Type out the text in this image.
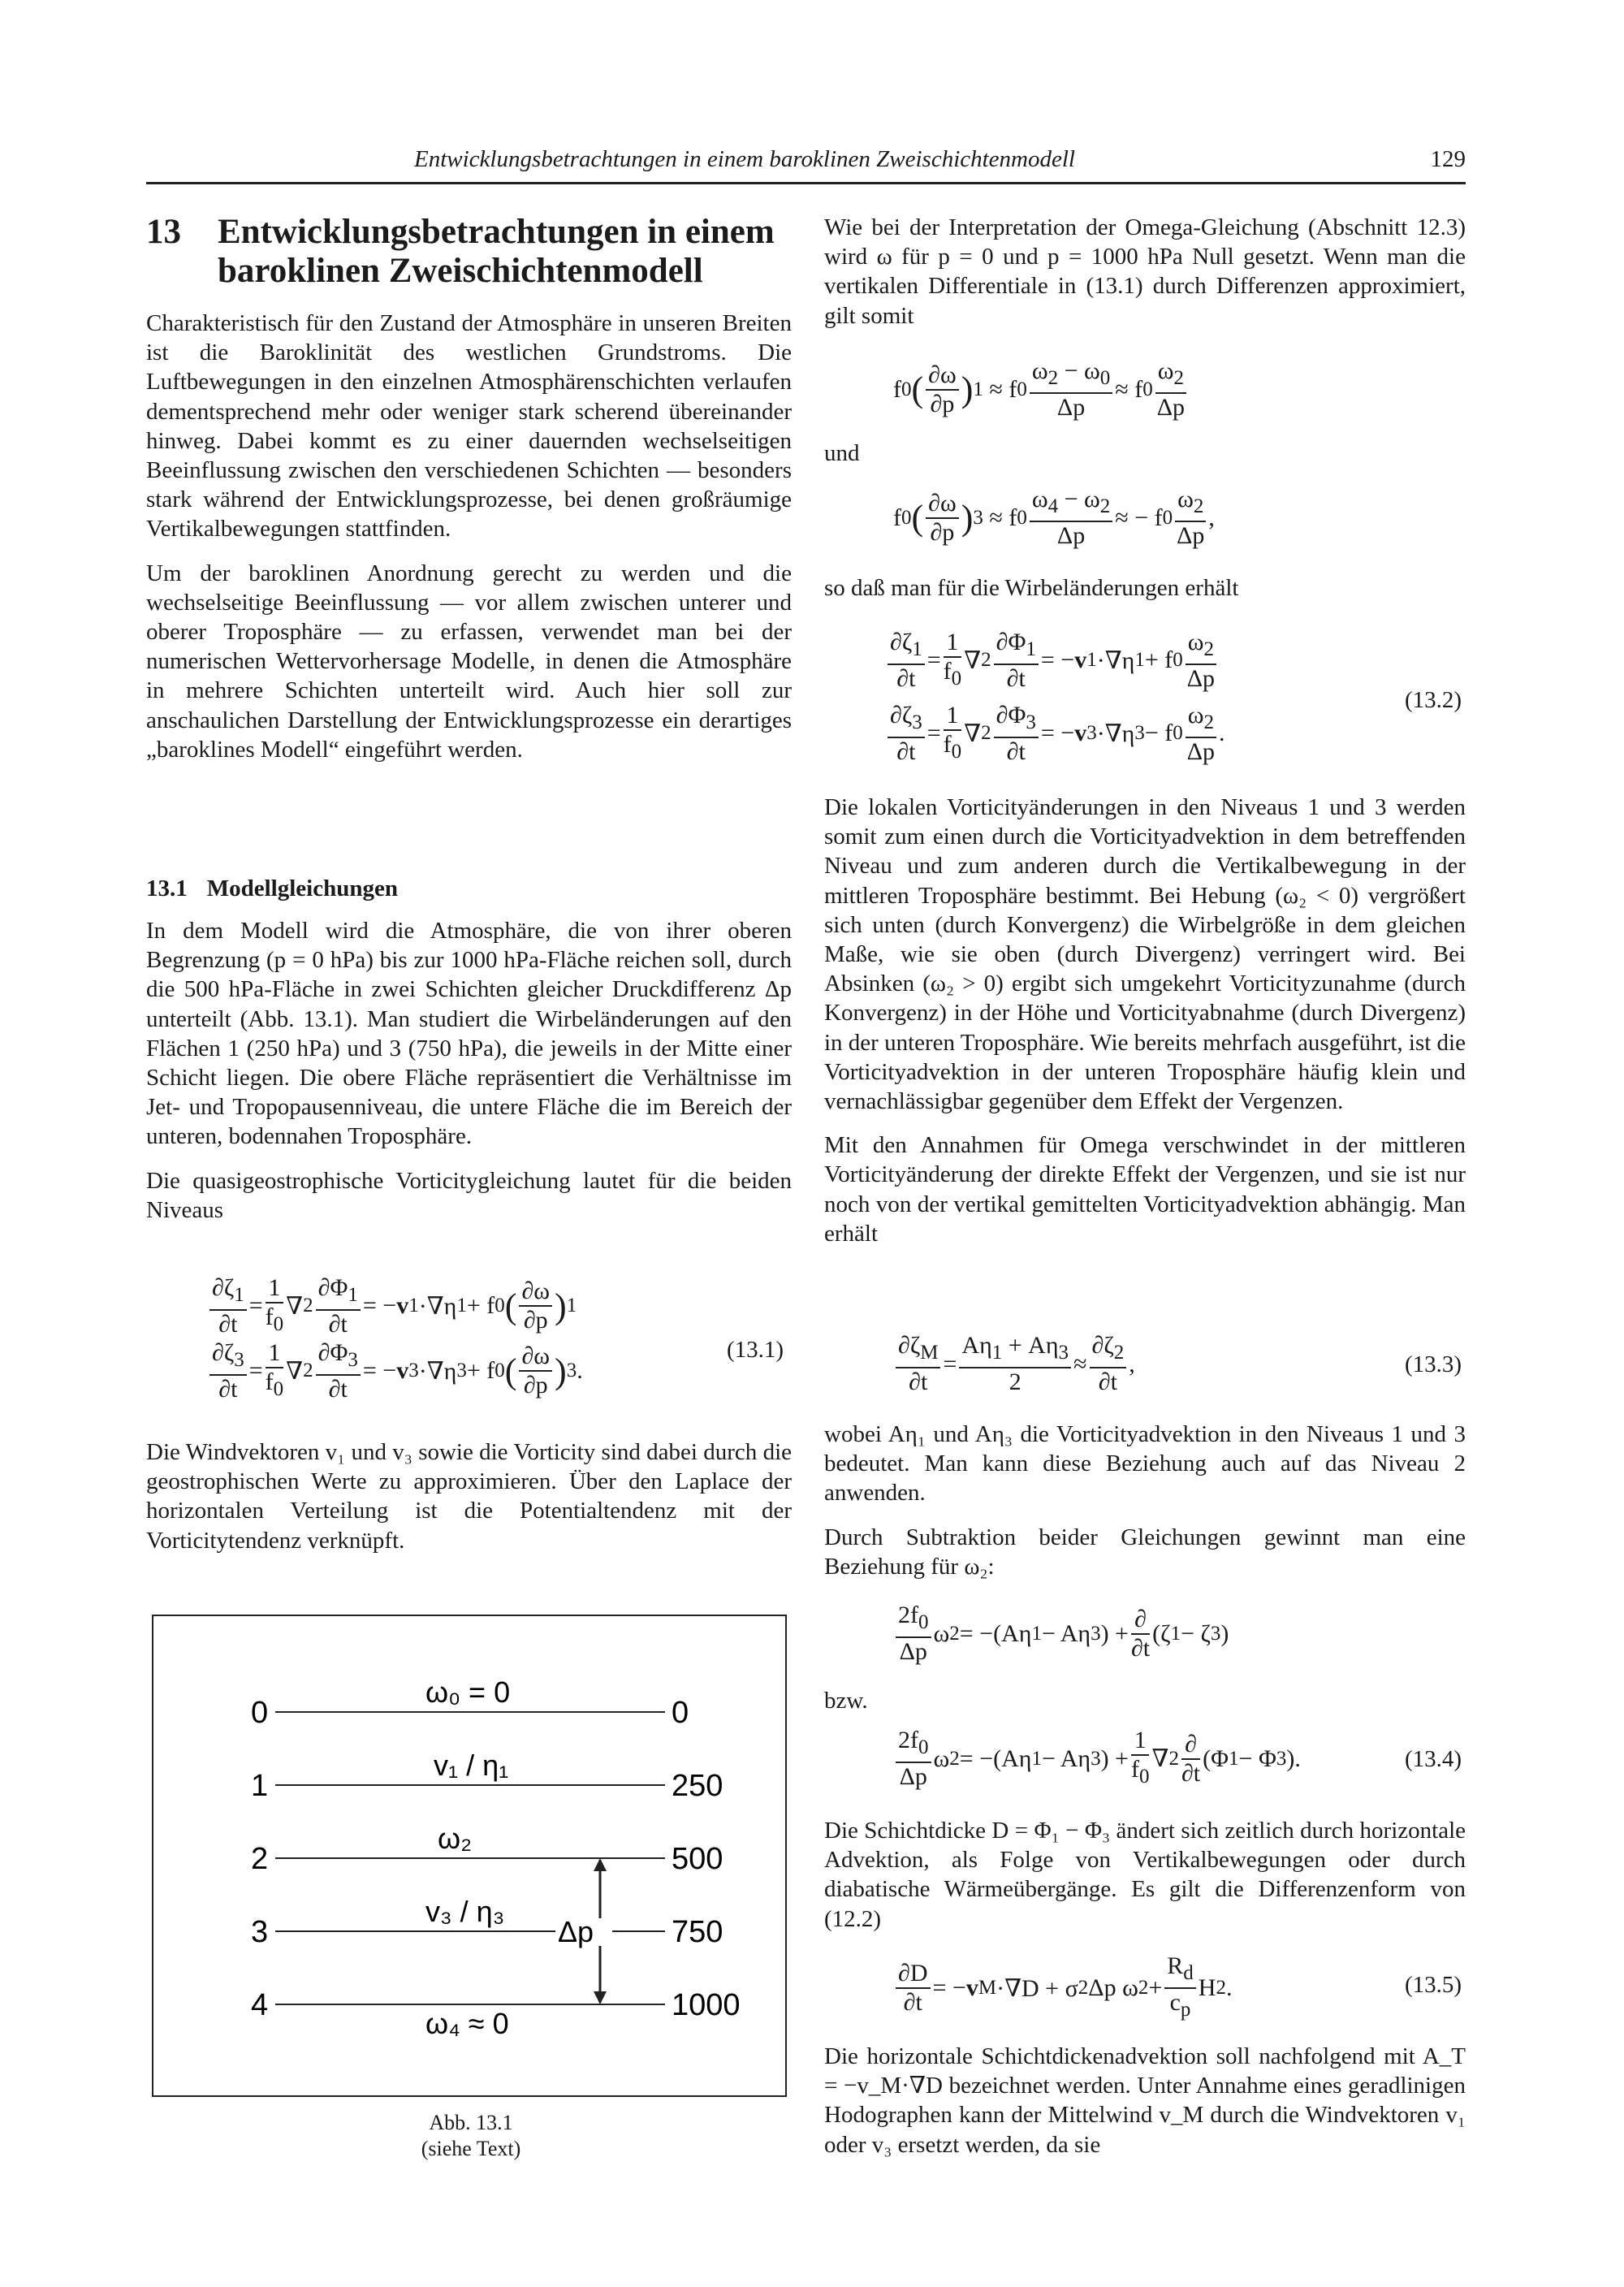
Entwicklungsbetrachtungen in einem baroklinen Zweischichtenmodell	129
13 Entwicklungsbetrachtungen in einem
baroklinen Zweischichtenmodell

Charakteristisch für den Zustand der Atmosphäre in unseren Breiten ist die Baroklinität des westlichen Grundstroms. Die Luftbewegungen in den einzelnen Atmosphärenschichten verlaufen dementsprechend mehr oder weniger stark scherend übereinander hinweg. Dabei kommt es zu einer dauernden wechselseitigen Beeinflussung zwischen den verschiedenen Schichten — besonders stark während der Entwicklungsprozesse, bei denen großräumige Vertikalbewegungen stattfinden.

Um der baroklinen Anordnung gerecht zu werden und die wechselseitige Beeinflussung — vor allem zwischen unterer und oberer Troposphäre — zu erfassen, verwendet man bei der numerischen Wettervorhersage Modelle, in denen die Atmosphäre in mehrere Schichten unterteilt wird. Auch hier soll zur anschaulichen Darstellung der Entwicklungsprozesse ein derartiges „baroklines Modell“ eingeführt werden.

13.1 Modellgleichungen

In dem Modell wird die Atmosphäre, die von ihrer oberen Begrenzung (p = 0 hPa) bis zur 1000 hPa-Fläche reichen soll, durch die 500 hPa-Fläche in zwei Schichten gleicher Druckdifferenz Δp unterteilt (Abb. 13.1). Man studiert die Wirbeländerungen auf den Flächen 1 (250 hPa) und 3 (750 hPa), die jeweils in der Mitte einer Schicht liegen. Die obere Fläche repräsentiert die Verhältnisse im Jet- und Tropopausenniveau, die untere Fläche die im Bereich der unteren, bodennahen Troposphäre.

Die quasigeostrophische Vorticitygleichung lautet für die beiden Niveaus

$\frac{\partial\zeta_1}{\partial t} = \frac{1}{f_0}$ ∇ $2 \frac{\partial\Phi_1}{\partial t}$ = − v 1 ·∇η 1 + f 0 ( $\frac{\partial\omega}{\partial p}$ ) 1
$\frac{\partial\zeta_3}{\partial t} = \frac{1}{f_0}$ ∇ $2 \frac{\partial\Phi_3}{\partial t}$ = − v 3 ·∇η 3 + f 0 ( $\frac{\partial\omega}{\partial p}$ ) 3 .
(13.1)

Die Windvektoren v₁ und v₃ sowie die Vorticity sind dabei durch die geostrophischen Werte zu approximieren. Über den Laplace der horizontalen Verteilung ist die Potentialtendenz mit der Vorticitytendenz verknüpft.

0
1
2
3
4
ω₀ = 0
v₁ / η₁
ω₂
v₃ / η₃
ω₄ ≈ 0
0
250
500
750
1000
Δp
Abb. 13.1
(siehe Text)

Wie bei der Interpretation der Omega-Gleichung (Abschnitt 12.3) wird ω für p = 0 und p = 1000 hPa Null gesetzt. Wenn man die vertikalen Differentiale in (13.1) durch Differenzen approximiert, gilt somit

f 0 ( $\frac{\partial\omega}{\partial p}$ ) 1 ≈ f $0 \frac{\omega_2 - \omega_0}{\Delta p} \approx f$ $0 \frac{\omega_2}{\Delta p}$
und
f 0 ( $\frac{\partial\omega}{\partial p}$ ) 3 ≈ f $0 \frac{\omega_4 - \omega_2}{\Delta p}$ ≈ − f $0 \frac{\omega_2}{\Delta p}$ ,
so daß man für die Wirbeländerungen erhält
$\frac{\partial\zeta_1}{\partial t} = \frac{1}{f_0}$ ∇ $2 \frac{\partial\Phi_1}{\partial t}$ = − v 1 ·∇η 1 + f $0 \frac{\omega_2}{\Delta p}$
$\frac{\partial\zeta_3}{\partial t} = \frac{1}{f_0}$ ∇ $2 \frac{\partial\Phi_3}{\partial t}$ = − v 3 ·∇η 3 − f $0 \frac{\omega_2}{\Delta p}$ .
(13.2)

Die lokalen Vorticityänderungen in den Niveaus 1 und 3 werden somit zum einen durch die Vorticityadvektion in dem betreffenden Niveau und zum anderen durch die Vertikalbewegung in der mittleren Troposphäre bestimmt. Bei Hebung (ω₂ < 0) vergrößert sich unten (durch Konvergenz) die Wirbelgröße in dem gleichen Maße, wie sie oben (durch Divergenz) verringert wird. Bei Absinken (ω₂ > 0) ergibt sich umgekehrt Vorticityzunahme (durch Konvergenz) in der Höhe und Vorticityabnahme (durch Divergenz) in der unteren Troposphäre. Wie bereits mehrfach ausgeführt, ist die Vorticityadvektion in der unteren Troposphäre häufig klein und vernachlässigbar gegenüber dem Effekt der Vergenzen.

Mit den Annahmen für Omega verschwindet in der mittleren Vorticityänderung der direkte Effekt der Vergenzen, und sie ist nur noch von der vertikal gemittelten Vorticityadvektion abhängig. Man erhält

$\frac{\partial\zeta_M}{\partial t} = \frac{A\eta_1 + A\eta_3}{2} \approx \frac{\partial\zeta_2}{\partial t}$ ,	(13.3)

wobei Aη₁ und Aη₃ die Vorticityadvektion in den Niveaus 1 und 3 bedeutet. Man kann diese Beziehung auch auf das Niveau 2 anwenden.

Durch Subtraktion beider Gleichungen gewinnt man eine Beziehung für ω₂:

$\frac{2f_0}{\Delta p}$ ω 2 = −(Aη 1 − Aη 3 ) + $\frac{\partial}{\partial t} (\zeta$ 1 − ζ 3 )
bzw.
$\frac{2f_0}{\Delta p}$ ω 2 = −(Aη 1 − Aη 3 ) + $\frac{1}{f_0}$ ∇ $2 \frac{\partial}{\partial t} (\Phi$ 1 − Φ 3 ).	(13.4)

Die Schichtdicke D = Φ₁ − Φ₃ ändert sich zeitlich durch horizontale Advektion, als Folge von Vertikalbewegungen oder durch diabatische Wärmeübergänge. Es gilt die Differenzenform von (12.2)

$\frac{\partial D}{\partial t}$ = − v M ·∇D + σ 2 Δp ω $2 + \frac{R_d}{c_p}$ H 2 .	(13.5)

Die horizontale Schichtdickenadvektion soll nachfolgend mit A_T = −v_M·∇D bezeichnet werden. Unter Annahme eines geradlinigen Hodographen kann der Mittelwind v_M durch die Windvektoren v₁ oder v₃ ersetzt werden, da sie
